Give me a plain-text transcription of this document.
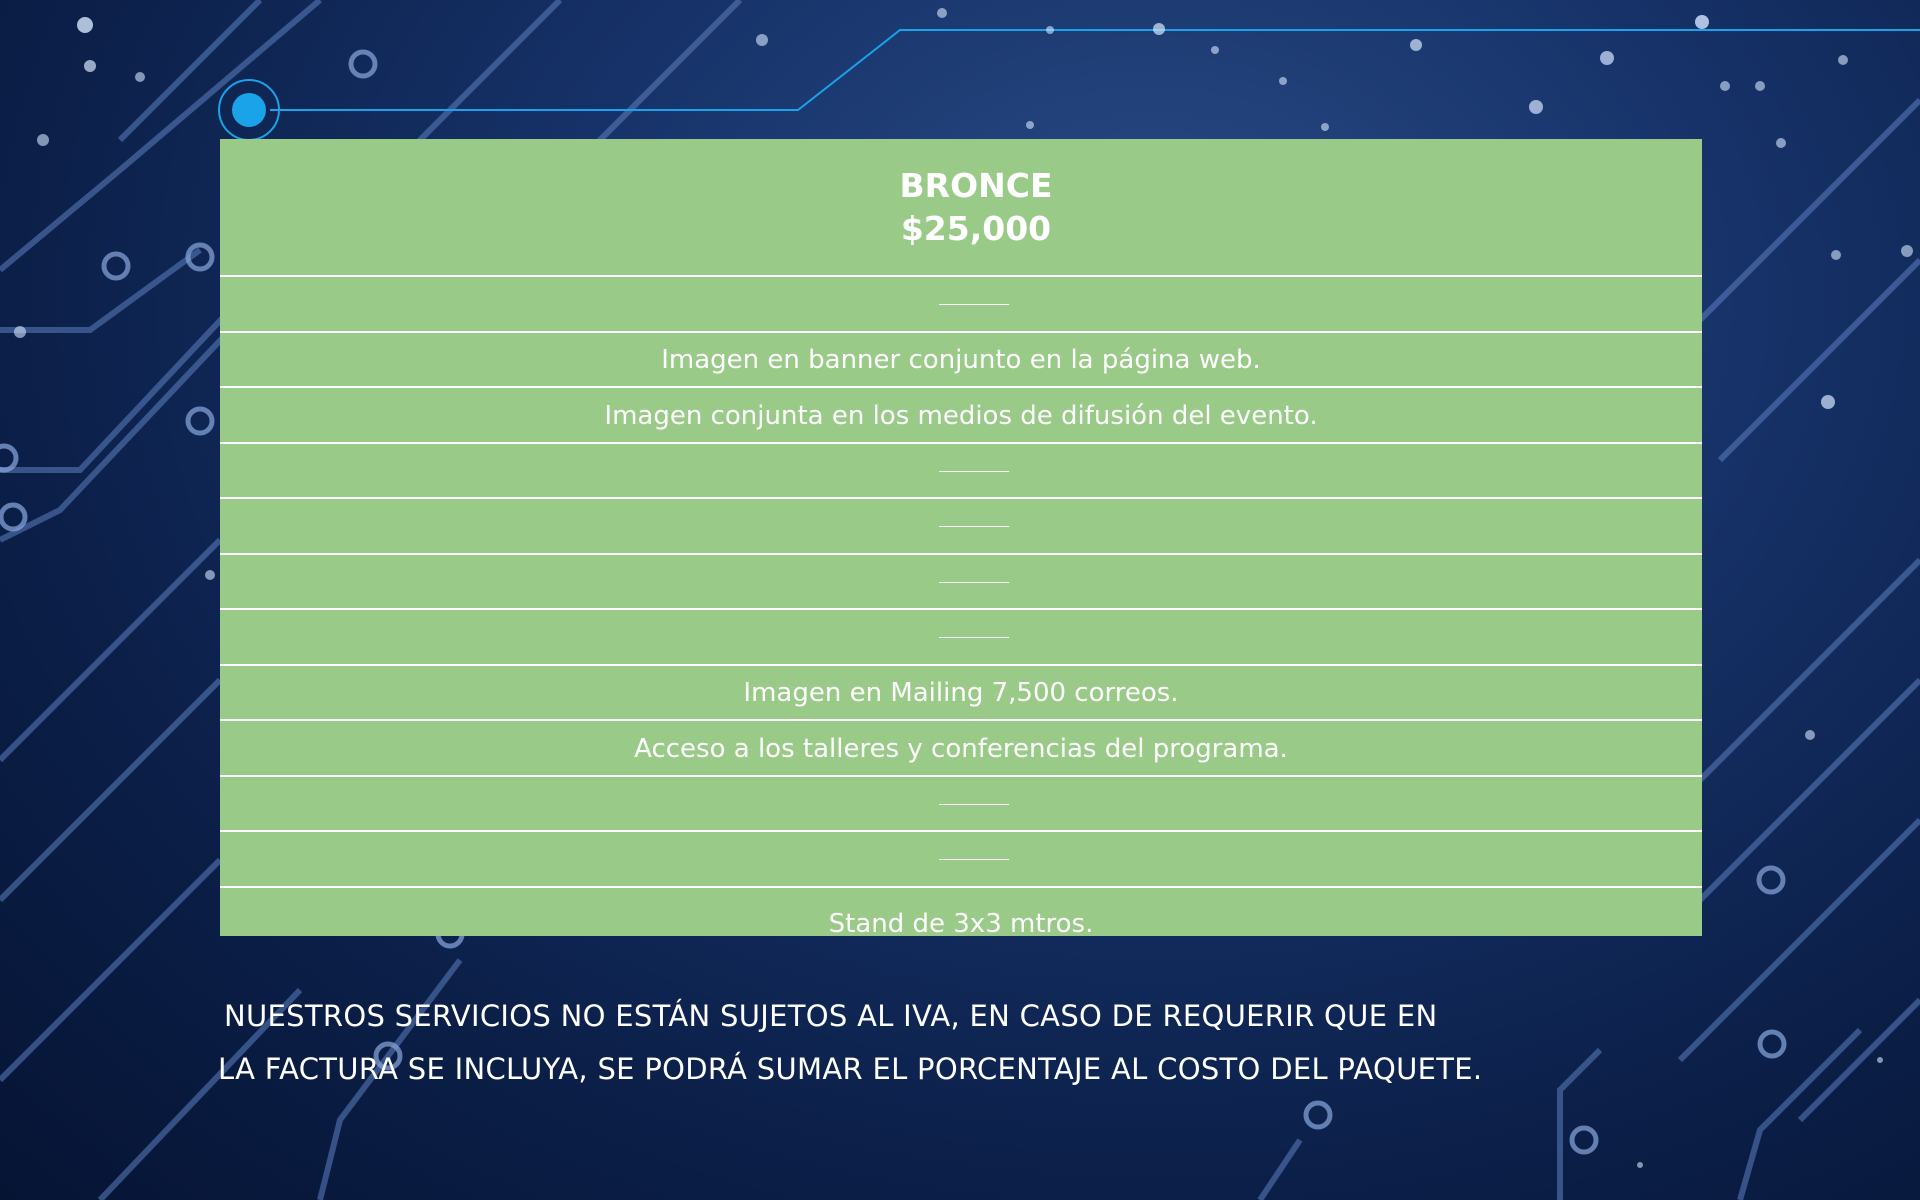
BRONCE
$25,000
Imagen en banner conjunto en la página web.
Imagen conjunta en los medios de difusión del evento.
Imagen en Mailing 7,500 correos.
Acceso a los talleres y conferencias del programa.
Stand de 3x3 mtros.
NUESTROS SERVICIOS NO ESTÁN SUJETOS AL IVA, EN CASO DE REQUERIR QUE EN
LA FACTURA SE INCLUYA, SE PODRÁ SUMAR EL PORCENTAJE AL COSTO DEL PAQUETE.
